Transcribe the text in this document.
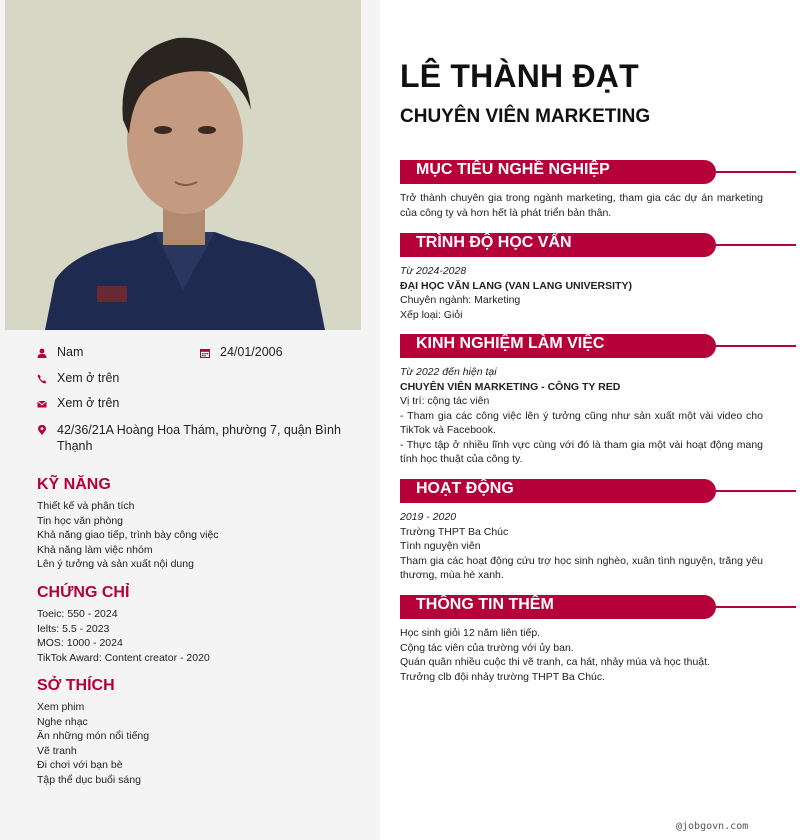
Nam	24/01/2006
Xem ở trên
Xem ở trên
42/36/21A Hoàng Hoa Thám, phường 7, quận Bình Thạnh
KỸ NĂNG
Thiết kế và phân tích
Tin học văn phòng
Khả năng giao tiếp, trình bày công việc
Khả năng làm việc nhóm
Lên ý tưởng và sản xuất nội dung
CHỨNG CHỈ
Toeic: 550 - 2024
Ielts: 5.5 - 2023
MOS: 1000 - 2024
TikTok Award: Content creator - 2020
SỞ THÍCH
Xem phim
Nghe nhạc
Ăn những món nổi tiếng
Vẽ tranh
Đi chơi với bạn bè
Tập thể dục buổi sáng
LÊ THÀNH ĐẠT
CHUYÊN VIÊN MARKETING
MỤC TIÊU NGHỀ NGHIỆP
Trở thành chuyên gia trong ngành marketing, tham gia các dự án marketing của công ty và hơn hết là phát triển bản thân.
TRÌNH ĐỘ HỌC VẤN
Từ 2024-2028
ĐẠI HỌC VĂN LANG (VAN LANG UNIVERSITY)
Chuyên ngành: Marketing
Xếp loại: Giỏi
KINH NGHIỆM LÀM VIỆC
Từ 2022 đến hiện tại
CHUYÊN VIÊN MARKETING - CÔNG TY RED
Vị trí: cộng tác viên
- Tham gia các công việc lên ý tưởng cũng như sản xuất một vài video cho TikTok và Facebook.
- Thực tập ở nhiều lĩnh vực cùng với đó là tham gia một vài hoạt động mang tính học thuật của công ty.
HOẠT ĐỘNG
2019 - 2020
Trường THPT Ba Chúc
Tình nguyện viên
Tham gia các hoạt động cứu trợ học sinh nghèo, xuân tình nguyện, trăng yêu thương, mùa hè xanh.
THÔNG TIN THÊM
Học sinh giỏi 12 năm liên tiếp.
Cộng tác viên của trường với ủy ban.
Quán quân nhiều cuộc thi vẽ tranh, ca hát, nhảy múa và học thuật.
Trưởng clb đội nhảy trường THPT Ba Chúc.
@jobgovn.com
